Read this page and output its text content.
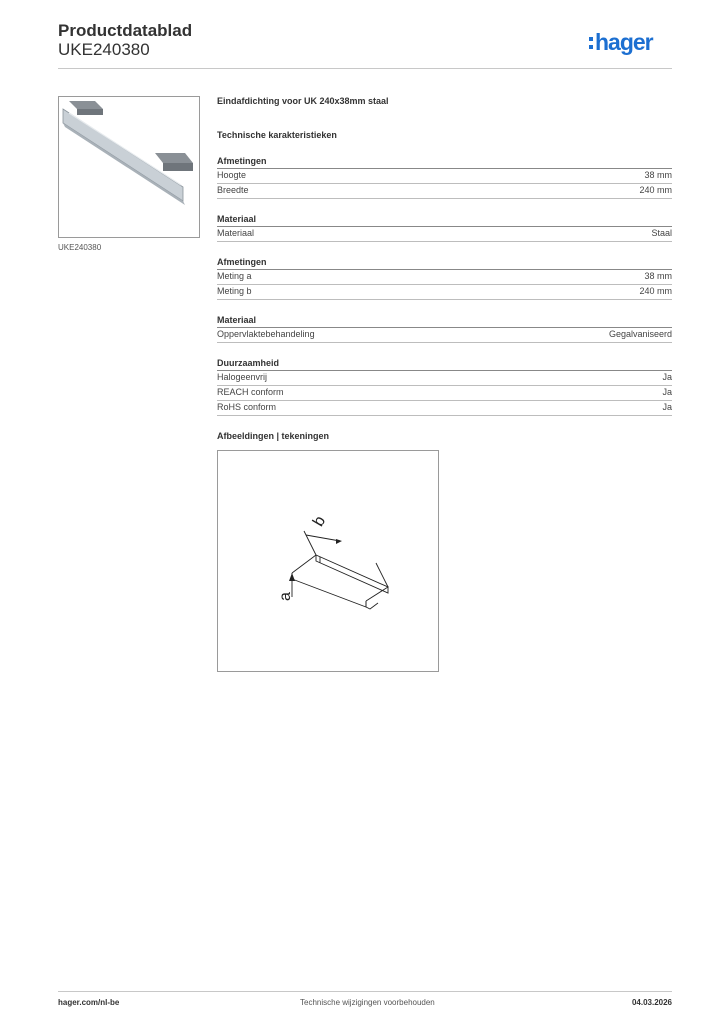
Productdatablad
UKE240380	hager
UKE240380
Eindafdichting voor UK 240x38mm staal
Technische karakteristieken
Afmetingen
Hoogte	38 mm
Breedte	240 mm
Materiaal
Materiaal	Staal
Afmetingen
Meting a	38 mm
Meting b	240 mm
Materiaal
Oppervlaktebehandeling	Gegalvaniseerd
Duurzaamheid
Halogeenvrij	Ja
REACH conform	Ja
RoHS conform	Ja
Afbeeldingen | tekeningen
b
a
hager.com/nl-be	Technische wijzigingen voorbehouden	04.03.2026
